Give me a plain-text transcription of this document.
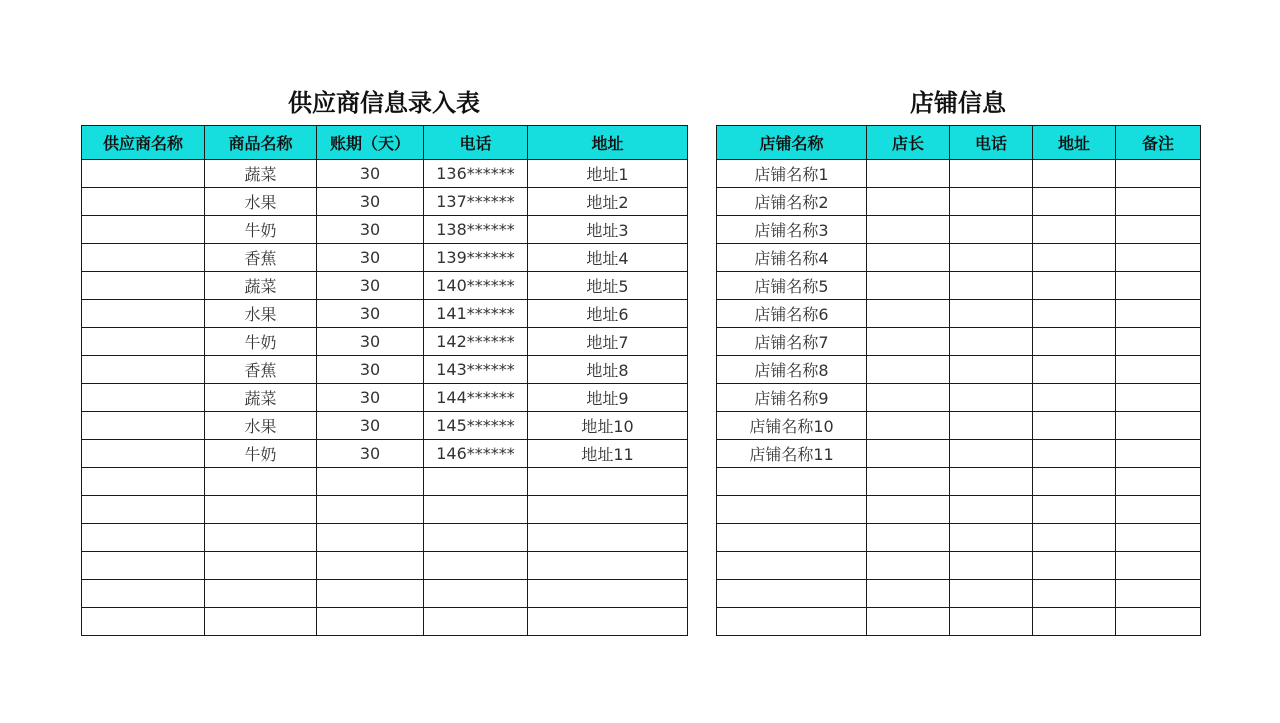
供应商信息录入表	店铺信息
供应商名称	商品名称	账期（天）	电话	地址
	蔬菜	30	136******	地址1
	水果	30	137******	地址2
	牛奶	30	138******	地址3
	香蕉	30	139******	地址4
	蔬菜	30	140******	地址5
	水果	30	141******	地址6
	牛奶	30	142******	地址7
	香蕉	30	143******	地址8
	蔬菜	30	144******	地址9
	水果	30	145******	地址10
	牛奶	30	146******	地址11

店铺名称	店长	电话	地址	备注
店铺名称1				
店铺名称2				
店铺名称3				
店铺名称4				
店铺名称5				
店铺名称6				
店铺名称7				
店铺名称8				
店铺名称9				
店铺名称10				
店铺名称11				
